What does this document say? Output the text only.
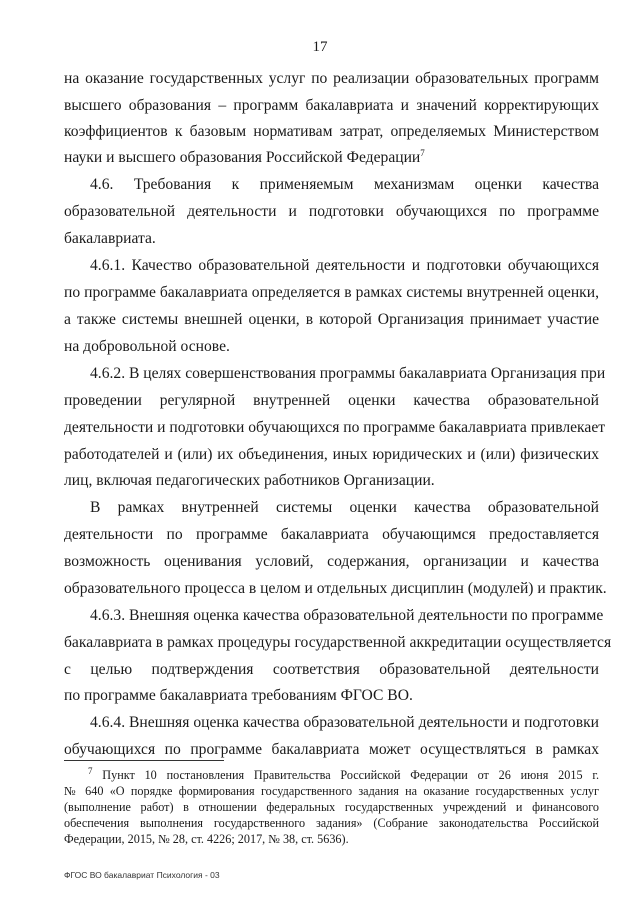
17
на оказание государственных услуг по реализации образовательных программ
высшего образования – программ бакалавриата и значений корректирующих
коэффициентов к базовым нормативам затрат, определяемых Министерством
науки и высшего образования Российской Федерации$^7$
4.6. Требования к применяемым механизмам оценки качества
образовательной деятельности и подготовки обучающихся по программе
бакалавриата.
4.6.1. Качество образовательной деятельности и подготовки обучающихся
по программе бакалавриата определяется в рамках системы внутренней оценки,
а также системы внешней оценки, в которой Организация принимает участие
на добровольной основе.
4.6.2. В целях совершенствования программы бакалавриата Организация при
проведении регулярной внутренней оценки качества образовательной
деятельности и подготовки обучающихся по программе бакалавриата привлекает
работодателей и (или) их объединения, иных юридических и (или) физических
лиц, включая педагогических работников Организации.
В рамках внутренней системы оценки качества образовательной
деятельности по программе бакалавриата обучающимся предоставляется
возможность оценивания условий, содержания, организации и качества
образовательного процесса в целом и отдельных дисциплин (модулей) и практик.
4.6.3. Внешняя оценка качества образовательной деятельности по программе
бакалавриата в рамках процедуры государственной аккредитации осуществляется
с целью подтверждения соответствия образовательной деятельности
по программе бакалавриата требованиям ФГОС ВО.
4.6.4. Внешняя оценка качества образовательной деятельности и подготовки
обучающихся по программе бакалавриата может осуществляться в рамках
$^7$ Пункт 10 постановления Правительства Российской Федерации от 26 июня 2015 г.
№ 640 «О порядке формирования государственного задания на оказание государственных услуг
(выполнение работ) в отношении федеральных государственных учреждений и финансового
обеспечения выполнения государственного задания» (Собрание законодательства Российской
Федерации, 2015, № 28, ст. 4226; 2017, № 38, ст. 5636).
ФГОС ВО бакалавриат Психология - 03
